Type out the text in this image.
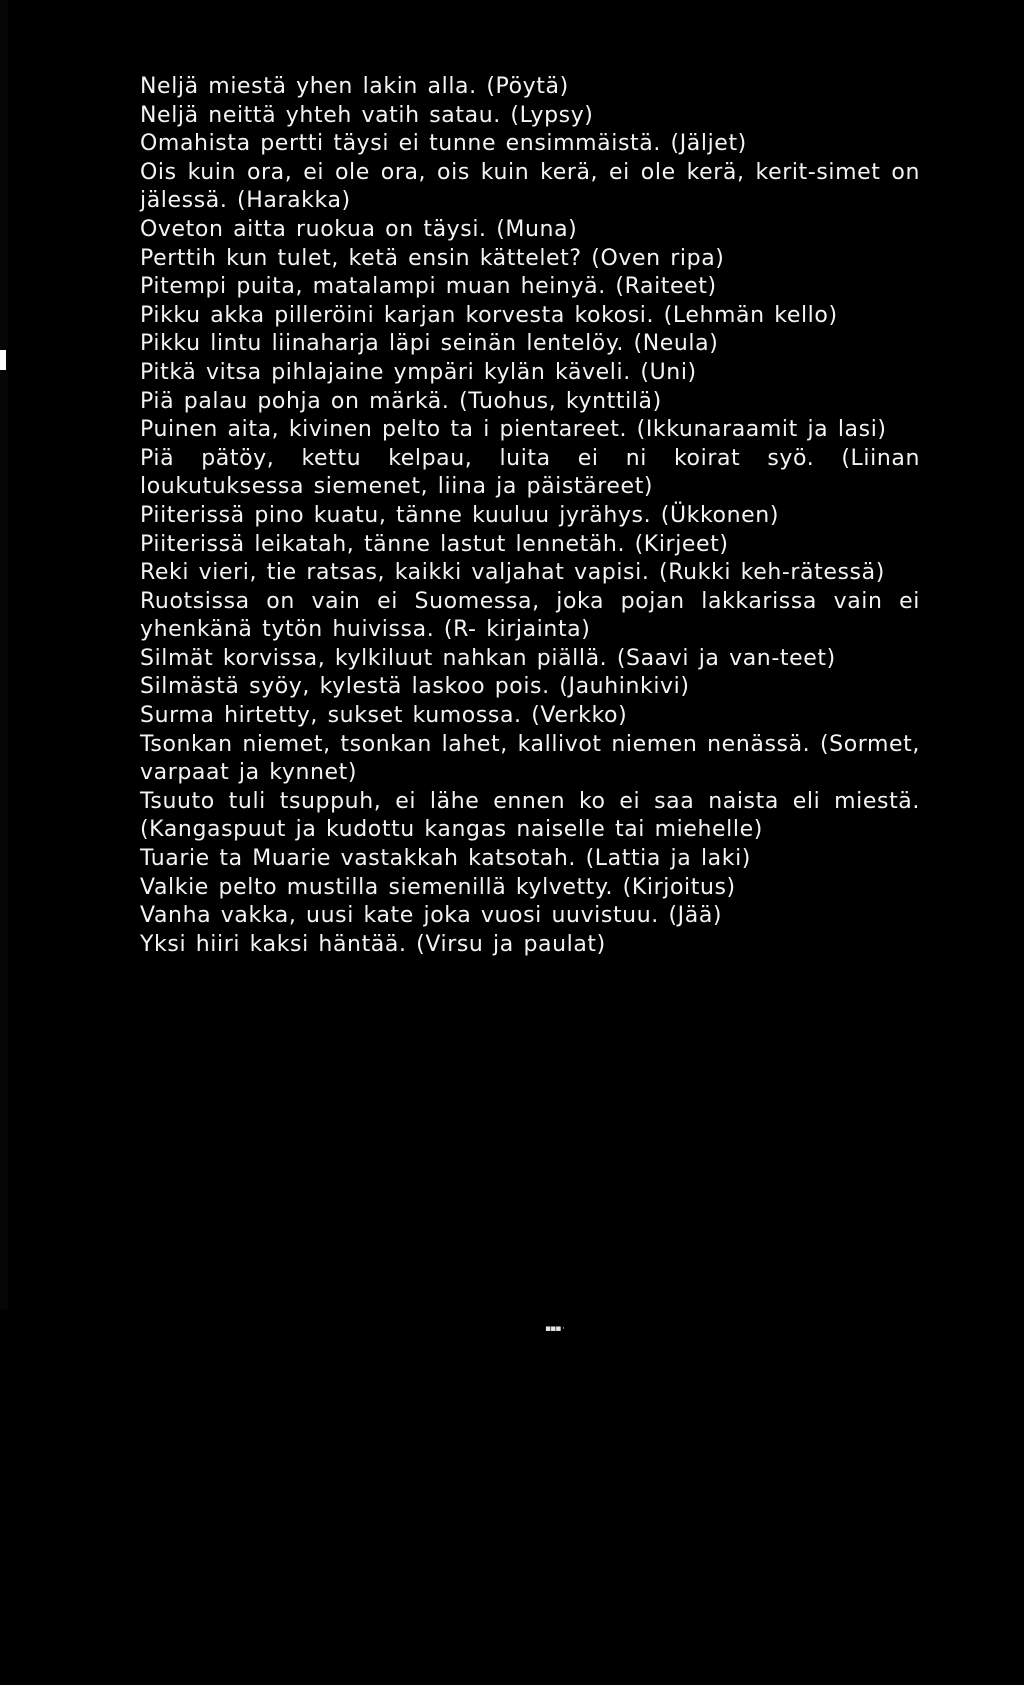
Neljä miestä yhen lakin alla. (Pöytä)

Neljä neittä yhteh vatih satau. (Lypsy)

Omahista pertti täysi ei tunne ensimmäistä. (Jäljet)

Ois kuin ora, ei ole ora, ois kuin kerä, ei ole kerä, kerit-simet on jälessä. (Harakka)

Oveton aitta ruokua on täysi. (Muna)

Perttih kun tulet, ketä ensin kättelet? (Oven ripa)

Pitempi puita, matalampi muan heinyä. (Raiteet)

Pikku akka pilleröini karjan korvesta kokosi. (Lehmän kello)

Pikku lintu liinaharja läpi seinän lentelöy. (Neula)

Pitkä vitsa pihlajaine ympäri kylän käveli. (Uni)

Piä palau pohja on märkä. (Tuohus, kynttilä)

Puinen aita, kivinen pelto ta i pientareet. (Ikkunaraamit ja lasi)

Piä pätöy, kettu kelpau, luita ei ni koirat syö. (Liinan loukutuksessa siemenet, liina ja päistäreet)

Piiterissä pino kuatu, tänne kuuluu jyrähys. (Ükkonen)

Piiterissä leikatah, tänne lastut lennetäh. (Kirjeet)

Reki vieri, tie ratsas, kaikki valjahat vapisi. (Rukki keh-rätessä)

Ruotsissa on vain ei Suomessa, joka pojan lakkarissa vain ei yhenkänä tytön huivissa. (R- kirjainta)

Silmät korvissa, kylkiluut nahkan piällä. (Saavi ja van-teet)

Silmästä syöy, kylestä laskoo pois. (Jauhinkivi)

Surma hirtetty, sukset kumossa. (Verkko)

Tsonkan niemet, tsonkan lahet, kallivot niemen nenässä. (Sormet, varpaat ja kynnet)

Tsuuto tuli tsuppuh, ei lähe ennen ko ei saa naista eli miestä. (Kangaspuut ja kudottu kangas naiselle tai miehelle)

Tuarie ta Muarie vastakkah katsotah. (Lattia ja laki)

Valkie pelto mustilla siemenillä kylvetty. (Kirjoitus)

Vanha vakka, uusi kate joka vuosi uuvistuu. (Jää)

Yksi hiiri kaksi häntää. (Virsu ja paulat)

▪▪▪ ·
